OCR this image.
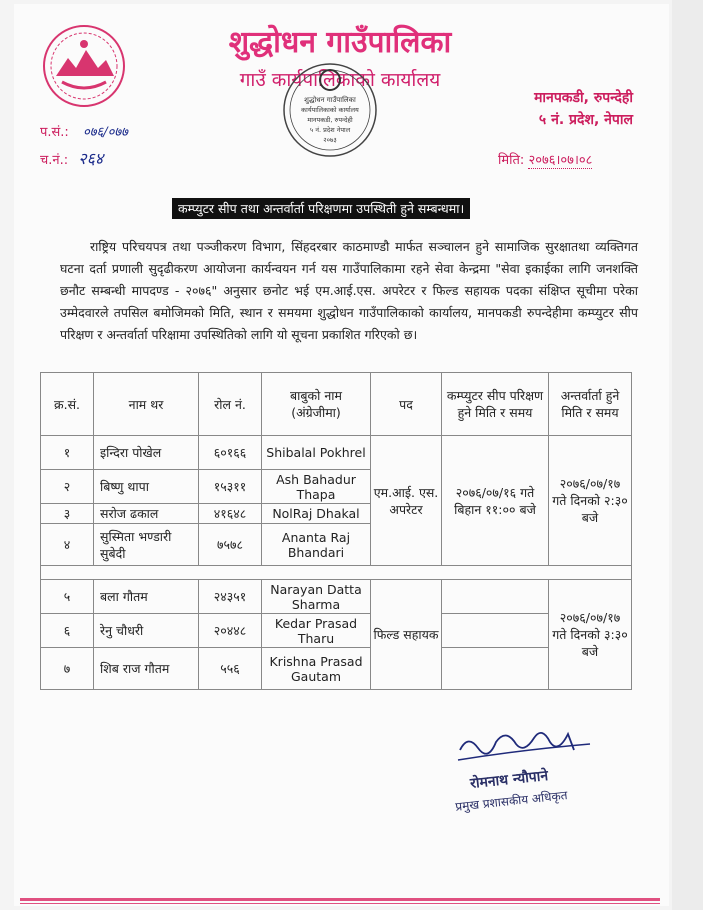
शुद्धोधन गाउँपालिका
गाउँ कार्यपालिकाको कार्यालय
शुद्धोधन गाउँपालिका
कार्यपालिकाको कार्यालय
मानपकडी, रुपन्देही
५ नं. प्रदेश नेपाल
२०७३
मानपकडी, रुपन्देही
५ नं. प्रदेश, नेपाल
प.सं.: ०७६/०७७
च.नं.: २६४	मिति: २०७६।०७।०८
कम्प्युटर सीप तथा अन्तर्वार्ता परिक्षणमा उपस्थिती हुने सम्बन्धमा।
राष्ट्रिय परिचयपत्र तथा पञ्जीकरण विभाग, सिंहदरबार काठमाण्डौ मार्फत सञ्चालन हुने सामाजिक सुरक्षातथा व्यक्तिगत घटना दर्ता प्रणाली सुदृढीकरण आयोजना कार्यन्वयन गर्न यस गाउँपालिकामा रहने सेवा केन्द्रमा "सेवा इकाईका लागि जनशक्ति छनौट सम्बन्धी मापदण्ड - २०७६" अनुसार छनोट भई एम.आई.एस. अपरेटर र फिल्ड सहायक पदका संक्षिप्त सूचीमा परेका उम्मेदवारले तपसिल बमोजिमको मिति, स्थान र समयमा शुद्धोधन गाउँपालिकाको कार्यालय, मानपकडी रुपन्देहीमा कम्प्युटर सीप परिक्षण र अन्तर्वार्ता परिक्षामा उपस्थितिको लागि यो सूचना प्रकाशित गरिएको छ।
क्र.सं.	नाम थर	रोल नं.	बाबुको नाम (अंग्रेजीमा)	पद	कम्प्युटर सीप परिक्षण हुने मिति र समय	अन्तर्वार्ता हुने मिति र समय
१	इन्दिरा पोखेल	६०१६६	Shibalal Pokhrel	एम.आई. एस. अपरेटर	२०७६/०७/१६ गते बिहान ११:०० बजे	२०७६/०७/१७ गते दिनको २:३० बजे
२	बिष्णु थापा	१५३११	Ash Bahadur Thapa			
३	सरोज ढकाल	४१६४८	NolRaj Dhakal			
४	सुस्मिता भण्डारी सुबेदी	७५७८	Ananta Raj Bhandari			

५	बला गौतम	२४३५१	Narayan Datta Sharma	फिल्ड सहायक		२०७६/०७/१७ गते दिनको ३:३० बजे
६	रेनु चौधरी	२०४४८	Kedar Prasad Tharu			
७	शिब राज गौतम	५५६	Krishna Prasad Gautam			
रोमनाथ न्यौपाने
प्रमुख प्रशासकीय अधिकृत
